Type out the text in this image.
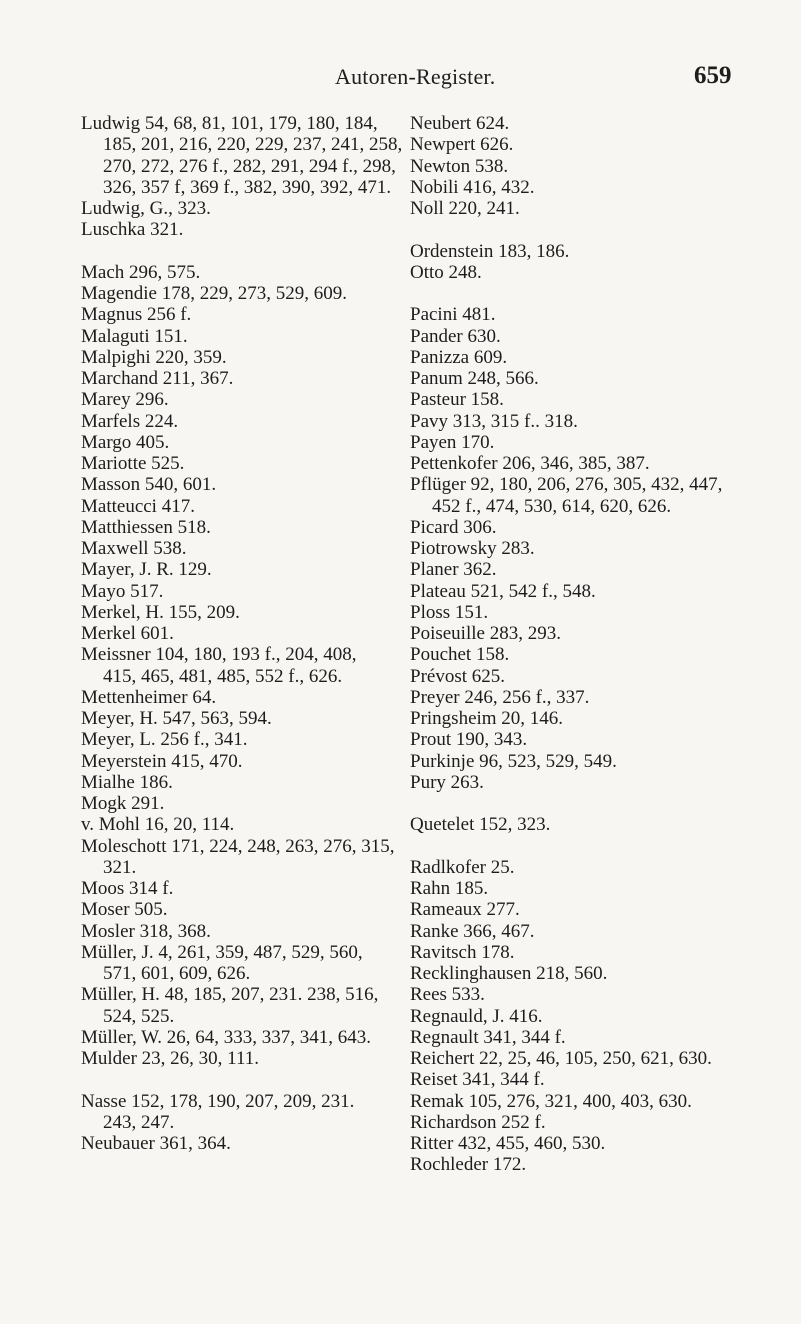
Autoren-Register.	659
Ludwig 54, 68, 81, 101, 179, 180, 184,
185, 201, 216, 220, 229, 237, 241, 258,
270, 272, 276 f., 282, 291, 294 f., 298,
326, 357 f, 369 f., 382, 390, 392, 471.
Ludwig, G., 323.
Luschka 321.
Mach 296, 575.
Magendie 178, 229, 273, 529, 609.
Magnus 256 f.
Malaguti 151.
Malpighi 220, 359.
Marchand 211, 367.
Marey 296.
Marfels 224.
Margo 405.
Mariotte 525.
Masson 540, 601.
Matteucci 417.
Matthiessen 518.
Maxwell 538.
Mayer, J. R. 129.
Mayo 517.
Merkel, H. 155, 209.
Merkel 601.
Meissner 104, 180, 193 f., 204, 408,
415, 465, 481, 485, 552 f., 626.
Mettenheimer 64.
Meyer, H. 547, 563, 594.
Meyer, L. 256 f., 341.
Meyerstein 415, 470.
Mialhe 186.
Mogk 291.
v. Mohl 16, 20, 114.
Moleschott 171, 224, 248, 263, 276, 315,
321.
Moos 314 f.
Moser 505.
Mosler 318, 368.
Müller, J. 4, 261, 359, 487, 529, 560,
571, 601, 609, 626.
Müller, H. 48, 185, 207, 231. 238, 516,
524, 525.
Müller, W. 26, 64, 333, 337, 341, 643.
Mulder 23, 26, 30, 111.
Nasse 152, 178, 190, 207, 209, 231.
243, 247.
Neubauer 361, 364.
Neubert 624.
Newpert 626.
Newton 538.
Nobili 416, 432.
Noll 220, 241.
Ordenstein 183, 186.
Otto 248.
Pacini 481.
Pander 630.
Panizza 609.
Panum 248, 566.
Pasteur 158.
Pavy 313, 315 f.. 318.
Payen 170.
Pettenkofer 206, 346, 385, 387.
Pflüger 92, 180, 206, 276, 305, 432, 447,
452 f., 474, 530, 614, 620, 626.
Picard 306.
Piotrowsky 283.
Planer 362.
Plateau 521, 542 f., 548.
Ploss 151.
Poiseuille 283, 293.
Pouchet 158.
Prévost 625.
Preyer 246, 256 f., 337.
Pringsheim 20, 146.
Prout 190, 343.
Purkinje 96, 523, 529, 549.
Pury 263.
Quetelet 152, 323.
Radlkofer 25.
Rahn 185.
Rameaux 277.
Ranke 366, 467.
Ravitsch 178.
Recklinghausen 218, 560.
Rees 533.
Regnauld, J. 416.
Regnault 341, 344 f.
Reichert 22, 25, 46, 105, 250, 621, 630.
Reiset 341, 344 f.
Remak 105, 276, 321, 400, 403, 630.
Richardson 252 f.
Ritter 432, 455, 460, 530.
Rochleder 172.
